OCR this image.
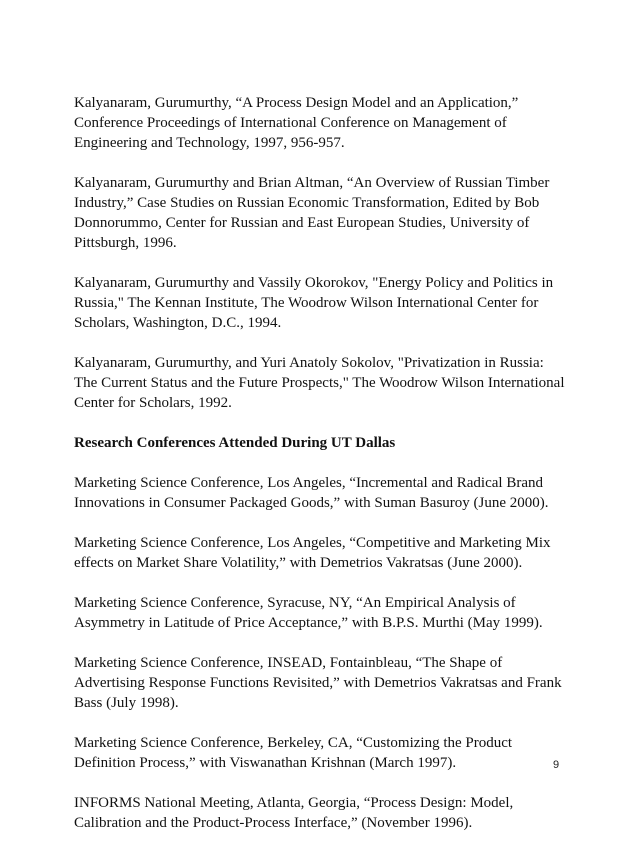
Kalyanaram, Gurumurthy, “A Process Design Model and an Application,”
Conference Proceedings of International Conference on Management of
Engineering and Technology, 1997, 956-957.

Kalyanaram, Gurumurthy and Brian Altman, “An Overview of Russian Timber
Industry,” Case Studies on Russian Economic Transformation, Edited by Bob
Donnorummo, Center for Russian and East European Studies, University of
Pittsburgh, 1996.

Kalyanaram, Gurumurthy and Vassily Okorokov, "Energy Policy and Politics in
Russia," The Kennan Institute, The Woodrow Wilson International Center for
Scholars, Washington, D.C., 1994.

Kalyanaram, Gurumurthy, and Yuri Anatoly Sokolov, "Privatization in Russia:
The Current Status and the Future Prospects," The Woodrow Wilson International
Center for Scholars, 1992.

Research Conferences Attended During UT Dallas

Marketing Science Conference, Los Angeles, “Incremental and Radical Brand
Innovations in Consumer Packaged Goods,” with Suman Basuroy (June 2000).

Marketing Science Conference, Los Angeles, “Competitive and Marketing Mix
effects on Market Share Volatility,” with Demetrios Vakratsas (June 2000).

Marketing Science Conference, Syracuse, NY, “An Empirical Analysis of
Asymmetry in Latitude of Price Acceptance,” with B.P.S. Murthi (May 1999).

Marketing Science Conference, INSEAD, Fontainbleau, “The Shape of
Advertising Response Functions Revisited,” with Demetrios Vakratsas and Frank
Bass (July 1998).

Marketing Science Conference, Berkeley, CA, “Customizing the Product
Definition Process,” with Viswanathan Krishnan (March 1997).

INFORMS National Meeting, Atlanta, Georgia, “Process Design: Model,
Calibration and the Product-Process Interface,” (November 1996).

9
